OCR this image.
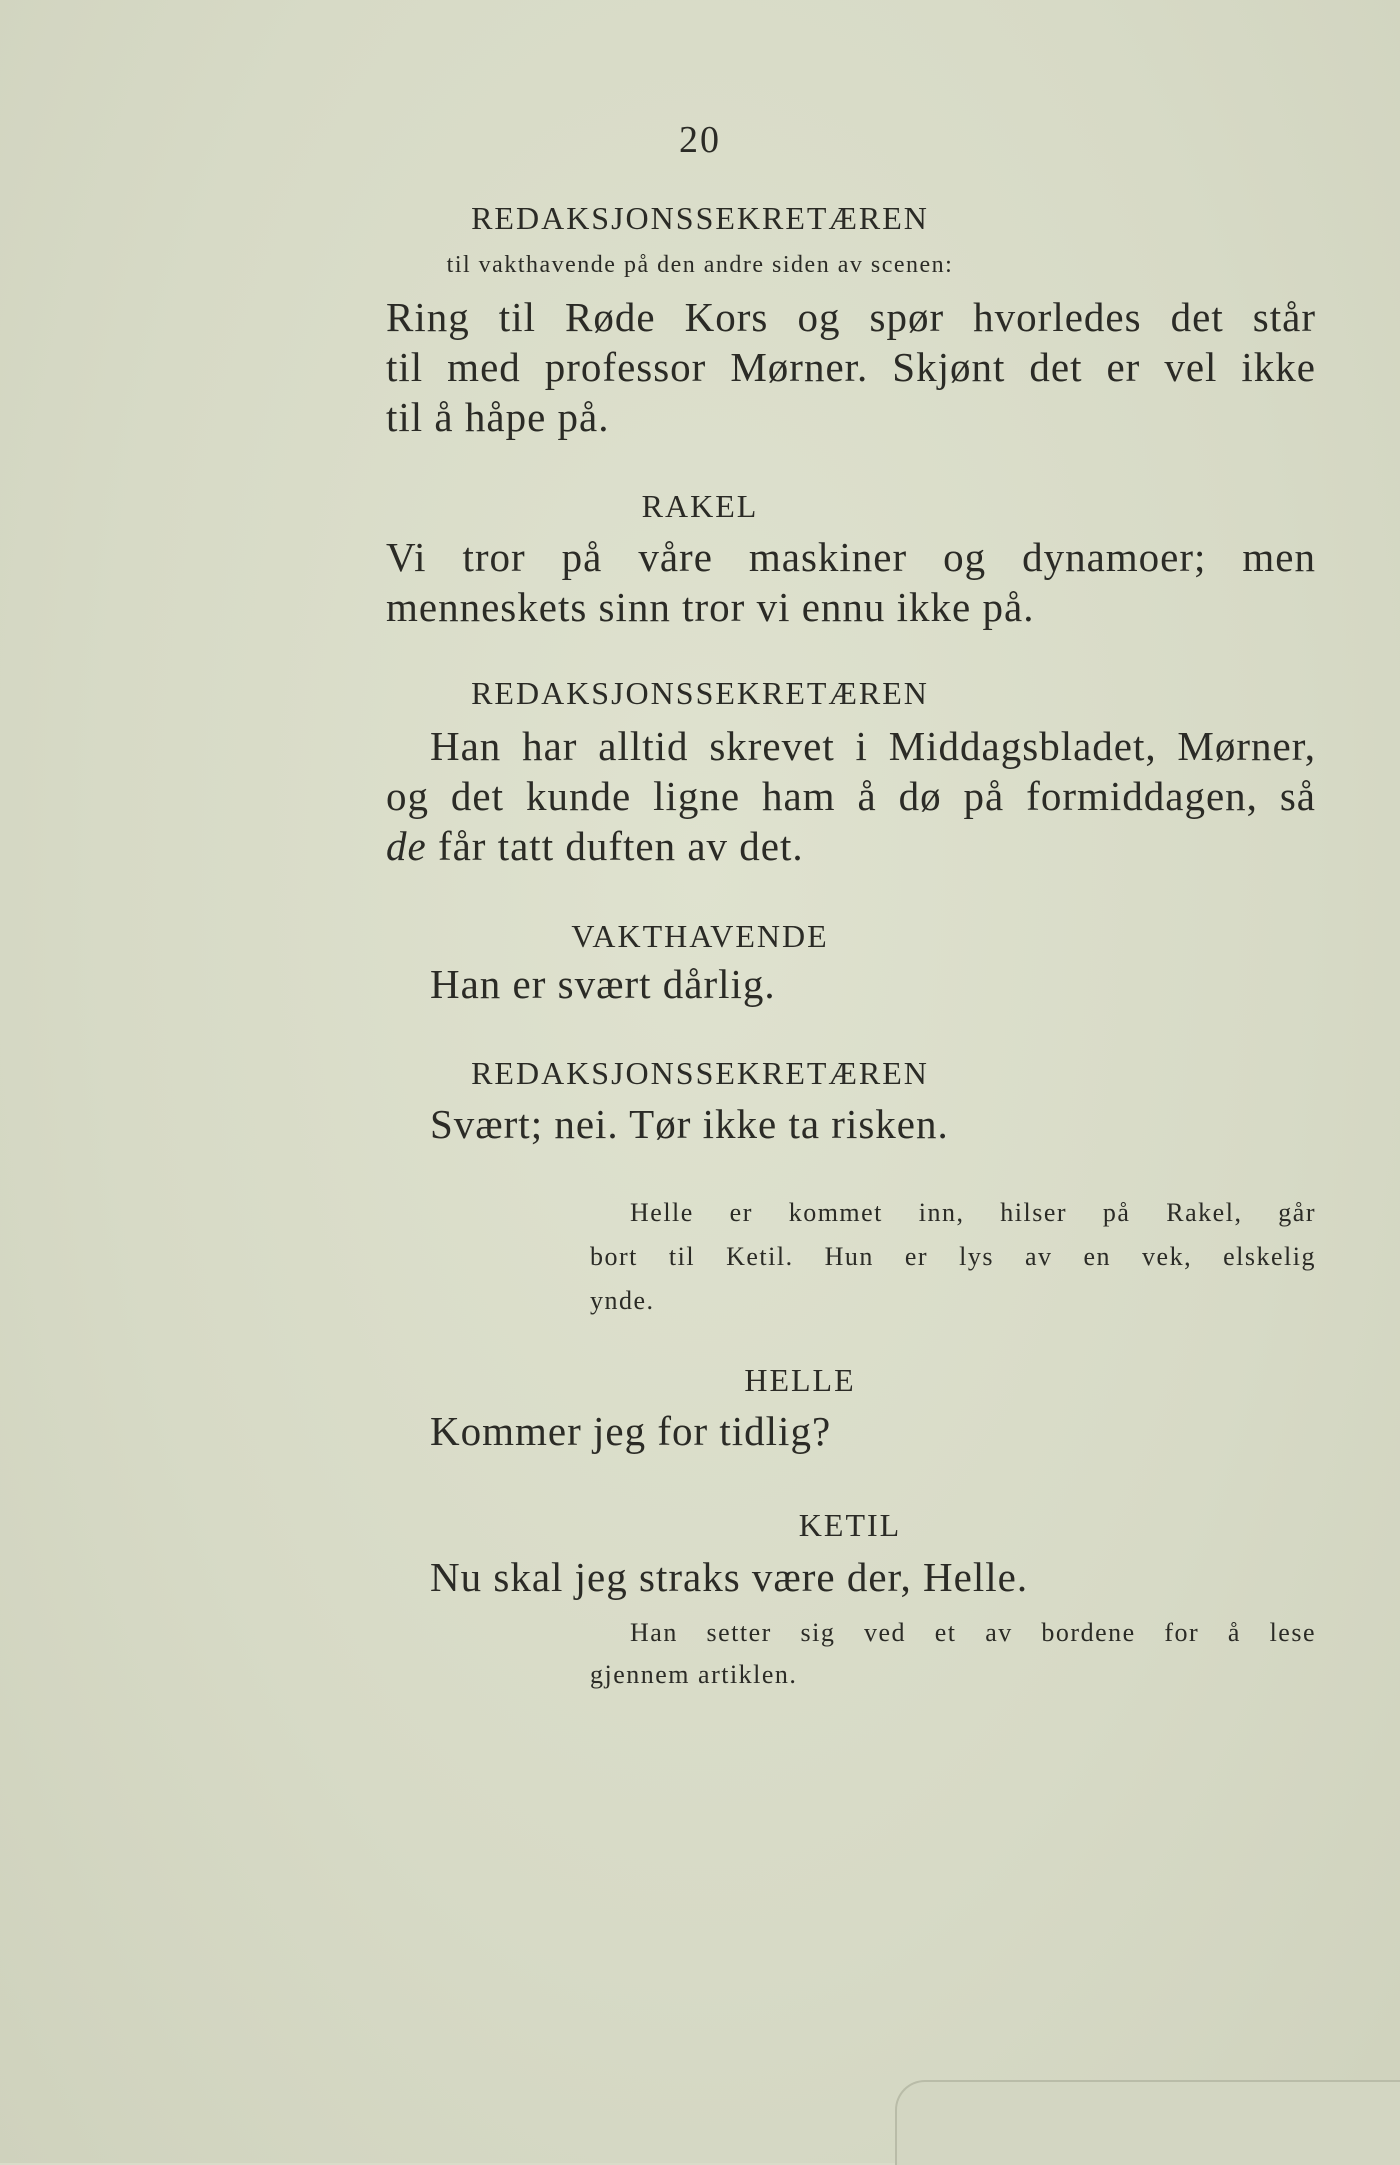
20
REDAKSJONSSEKRETÆREN
til vakthavende på den andre siden av scenen:
Ring til Røde Kors og spør hvorledes det står
til med professor Mørner. Skjønt det er vel ikke
til å håpe på.
RAKEL
Vi tror på våre maskiner og dynamoer; men
menneskets sinn tror vi ennu ikke på.
REDAKSJONSSEKRETÆREN
Han har alltid skrevet i Middagsbladet, Mørner,
og det kunde ligne ham å dø på formiddagen, så
de får tatt duften av det.
VAKTHAVENDE
Han er svært dårlig.
REDAKSJONSSEKRETÆREN
Svært; nei. Tør ikke ta risken.
Helle er kommet inn, hilser på Rakel, går
bort til Ketil. Hun er lys av en vek, elskelig
ynde.
HELLE
Kommer jeg for tidlig?
KETIL
Nu skal jeg straks være der, Helle.
Han setter sig ved et av bordene for å lese
gjennem artiklen.
